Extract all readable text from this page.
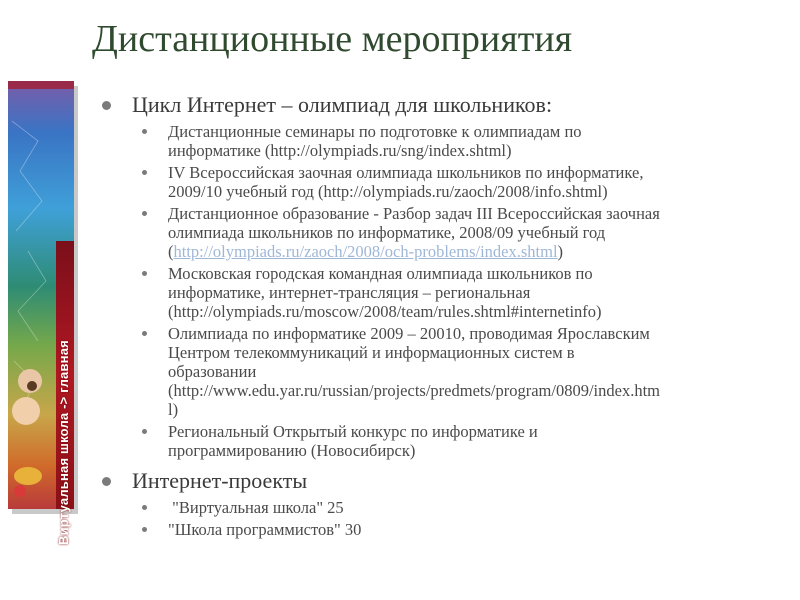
Дистанционные мероприятия
Виртуальная школа -> главная
Цикл Интернет – олимпиад для школьников:
Дистанционные семинары по подготовке к олимпиадам по
информатике (http://olympiads.ru/sng/index.shtml)
IV Всероссийская заочная олимпиада школьников по информатике,
2009/10 учебный год (http://olympiads.ru/zaoch/2008/info.shtml)
Дистанционное образование - Разбор задач III Всероссийская заочная
олимпиада школьников по информатике, 2008/09 учебный год
(http://olympiads.ru/zaoch/2008/och-problems/index.shtml)
Московская городская командная олимпиада школьников по
информатике, интернет-трансляция – региональная
(http://olympiads.ru/moscow/2008/team/rules.shtml#internetinfo)
Олимпиада по информатике 2009 – 20010, проводимая Ярославским
Центром телекоммуникаций и информационных систем в
образовании
(http://www.edu.yar.ru/russian/projects/predmets/program/0809/index.htm
l)
Региональный Открытый конкурс по информатике и
программированию (Новосибирск)
Интернет-проекты
"Виртуальная школа" 25
"Школа программистов" 30
